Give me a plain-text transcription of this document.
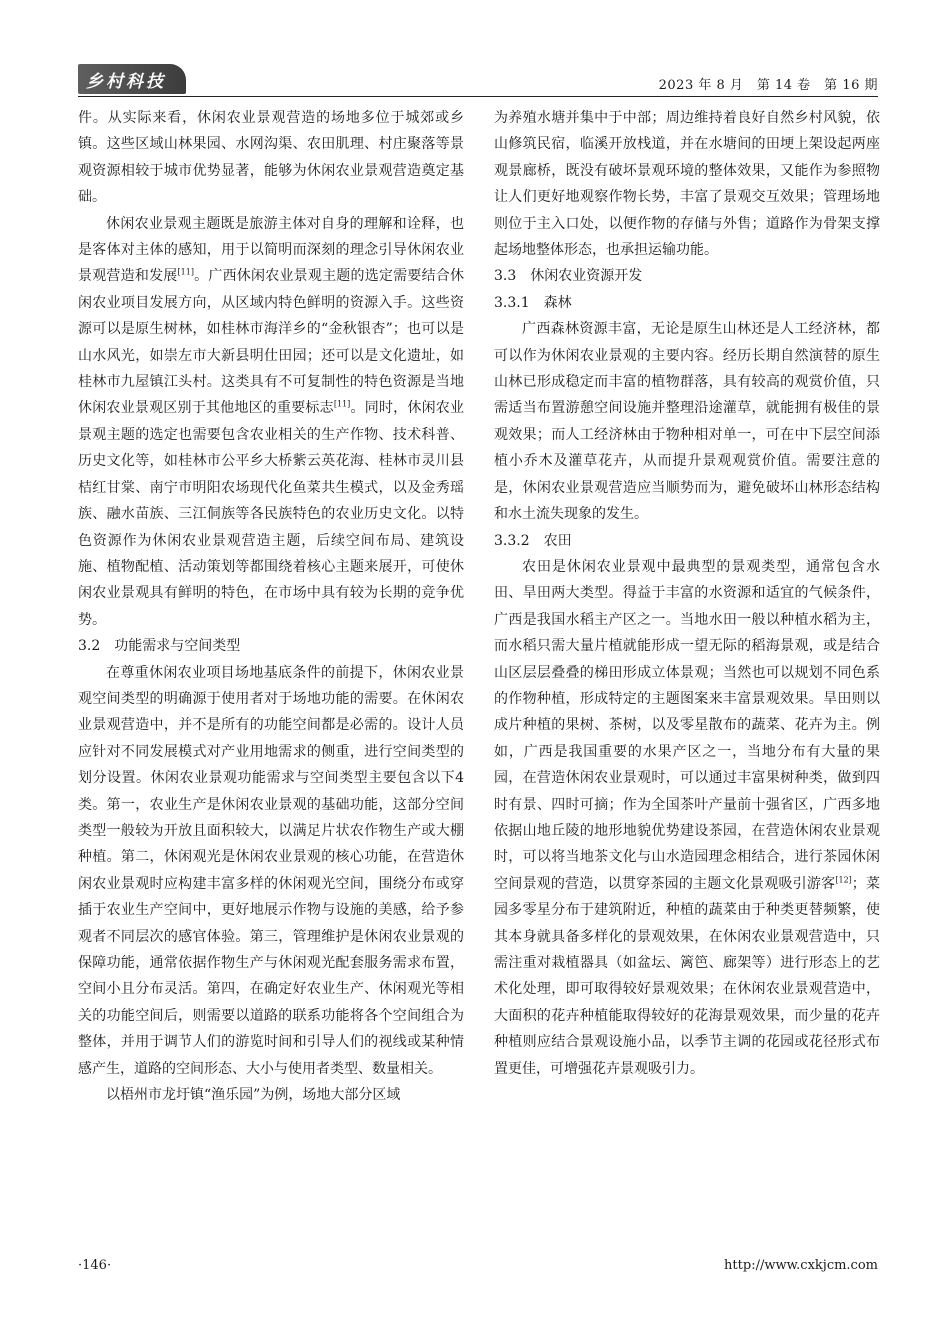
乡村科技	2023 年 8 月　第 14 卷　第 16 期

件。从实际来看，休闲农业景观营造的场地多位于城郊或乡镇。这些区域山林果园、水网沟渠、农田肌理、村庄聚落等景观资源相较于城市优势显著，能够为休闲农业景观营造奠定基础。

休闲农业景观主题既是旅游主体对自身的理解和诠释，也是客体对主体的感知，用于以简明而深刻的理念引导休闲农业景观营造和发展[11]。广西休闲农业景观主题的选定需要结合休闲农业项目发展方向，从区域内特色鲜明的资源入手。这些资源可以是原生树林，如桂林市海洋乡的“金秋银杏”；也可以是山水风光，如崇左市大新县明仕田园；还可以是文化遗址，如桂林市九屋镇江头村。这类具有不可复制性的特色资源是当地休闲农业景观区别于其他地区的重要标志[11]。同时，休闲农业景观主题的选定也需要包含农业相关的生产作物、技术科普、历史文化等，如桂林市公平乡大桥紫云英花海、桂林市灵川县桔红甘棠、南宁市明阳农场现代化鱼菜共生模式，以及金秀瑶族、融水苗族、三江侗族等各民族特色的农业历史文化。以特色资源作为休闲农业景观营造主题，后续空间布局、建筑设施、植物配植、活动策划等都围绕着核心主题来展开，可使休闲农业景观具有鲜明的特色，在市场中具有较为长期的竞争优势。

3.2　功能需求与空间类型

在尊重休闲农业项目场地基底条件的前提下，休闲农业景观空间类型的明确源于使用者对于场地功能的需要。在休闲农业景观营造中，并不是所有的功能空间都是必需的。设计人员应针对不同发展模式对产业用地需求的侧重，进行空间类型的划分设置。休闲农业景观功能需求与空间类型主要包含以下4类。第一，农业生产是休闲农业景观的基础功能，这部分空间类型一般较为开放且面积较大，以满足片状农作物生产或大棚种植。第二，休闲观光是休闲农业景观的核心功能，在营造休闲农业景观时应构建丰富多样的休闲观光空间，围绕分布或穿插于农业生产空间中，更好地展示作物与设施的美感，给予参观者不同层次的感官体验。第三，管理维护是休闲农业景观的保障功能，通常依据作物生产与休闲观光配套服务需求布置，空间小且分布灵活。第四，在确定好农业生产、休闲观光等相关的功能空间后，则需要以道路的联系功能将各个空间组合为整体，并用于调节人们的游览时间和引导人们的视线或某种情感产生，道路的空间形态、大小与使用者类型、数量相关。

以梧州市龙圩镇“渔乐园”为例，场地大部分区域

为养殖水塘并集中于中部；周边维持着良好自然乡村风貌，依山修筑民宿，临溪开放栈道，并在水塘间的田埂上架设起两座观景廊桥，既没有破坏景观环境的整体效果，又能作为参照物让人们更好地观察作物长势，丰富了景观交互效果；管理场地则位于主入口处，以便作物的存储与外售；道路作为骨架支撑起场地整体形态，也承担运输功能。

3.3　休闲农业资源开发
3.3.1　森林

广西森林资源丰富，无论是原生山林还是人工经济林，都可以作为休闲农业景观的主要内容。经历长期自然演替的原生山林已形成稳定而丰富的植物群落，具有较高的观赏价值，只需适当布置游憩空间设施并整理沿途灌草，就能拥有极佳的景观效果；而人工经济林由于物种相对单一，可在中下层空间添植小乔木及灌草花卉，从而提升景观观赏价值。需要注意的是，休闲农业景观营造应当顺势而为，避免破坏山林形态结构和水土流失现象的发生。

3.3.2　农田

农田是休闲农业景观中最典型的景观类型，通常包含水田、旱田两大类型。得益于丰富的水资源和适宜的气候条件，广西是我国水稻主产区之一。当地水田一般以种植水稻为主，而水稻只需大量片植就能形成一望无际的稻海景观，或是结合山区层层叠叠的梯田形成立体景观；当然也可以规划不同色系的作物种植，形成特定的主题图案来丰富景观效果。旱田则以成片种植的果树、茶树，以及零星散布的蔬菜、花卉为主。例如，广西是我国重要的水果产区之一，当地分布有大量的果园，在营造休闲农业景观时，可以通过丰富果树种类，做到四时有景、四时可摘；作为全国茶叶产量前十强省区，广西多地依据山地丘陵的地形地貌优势建设茶园，在营造休闲农业景观时，可以将当地茶文化与山水造园理念相结合，进行茶园休闲空间景观的营造，以贯穿茶园的主题文化景观吸引游客[12]；菜园多零星分布于建筑附近，种植的蔬菜由于种类更替频繁，使其本身就具备多样化的景观效果，在休闲农业景观营造中，只需注重对栽植器具（如盆坛、篱笆、廊架等）进行形态上的艺术化处理，即可取得较好景观效果；在休闲农业景观营造中，大面积的花卉种植能取得较好的花海景观效果，而少量的花卉种植则应结合景观设施小品，以季节主调的花园或花径形式布置更佳，可增强花卉景观吸引力。

·146·	http://www.cxkjcm.com
